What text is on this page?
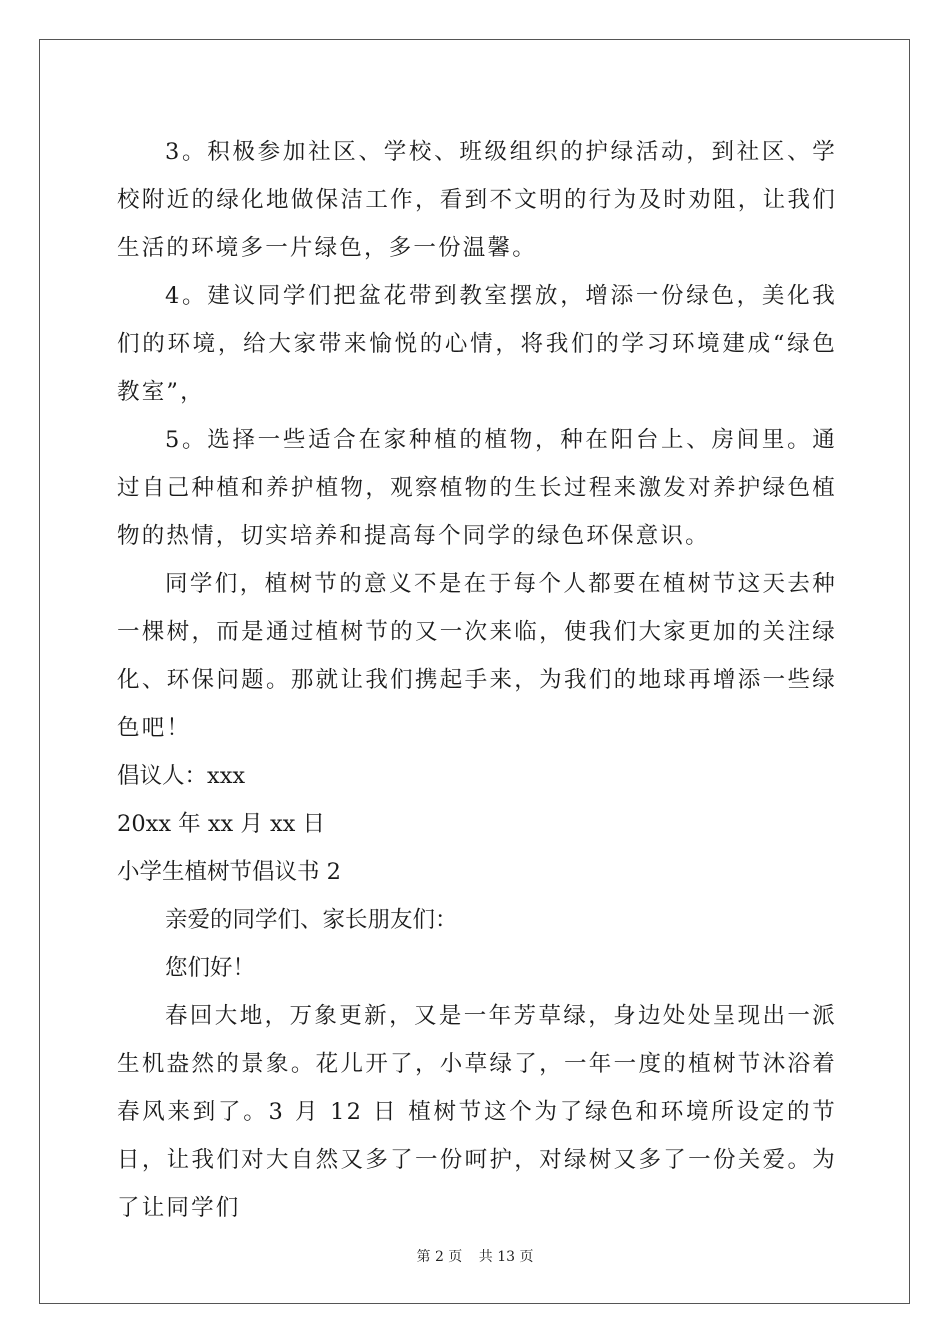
3。积极参加社区、学校、班级组织的护绿活动，到社区、学校附近的绿化地做保洁工作，看到不文明的行为及时劝阻，让我们生活的环境多一片绿色，多一份温馨。

4。建议同学们把盆花带到教室摆放，增添一份绿色，美化我们的环境，给大家带来愉悦的心情，将我们的学习环境建成“绿色教室”，

5。选择一些适合在家种植的植物，种在阳台上、房间里。通过自己种植和养护植物，观察植物的生长过程来激发对养护绿色植物的热情，切实培养和提高每个同学的绿色环保意识。

同学们，植树节的意义不是在于每个人都要在植树节这天去种一棵树，而是通过植树节的又一次来临，使我们大家更加的关注绿化、环保问题。那就让我们携起手来，为我们的地球再增添一些绿色吧！

倡议人：xxx

20xx 年 xx 月 xx 日

小学生植树节倡议书 2

亲爱的同学们、家长朋友们：

您们好！

春回大地，万象更新，又是一年芳草绿，身边处处呈现出一派生机盎然的景象。花儿开了，小草绿了，一年一度的植树节沐浴着春风来到了。3 月 12 日 植树节这个为了绿色和环境所设定的节日，让我们对大自然又多了一份呵护，对绿树又多了一份关爱。为了让同学们

第 2 页 共 13 页
